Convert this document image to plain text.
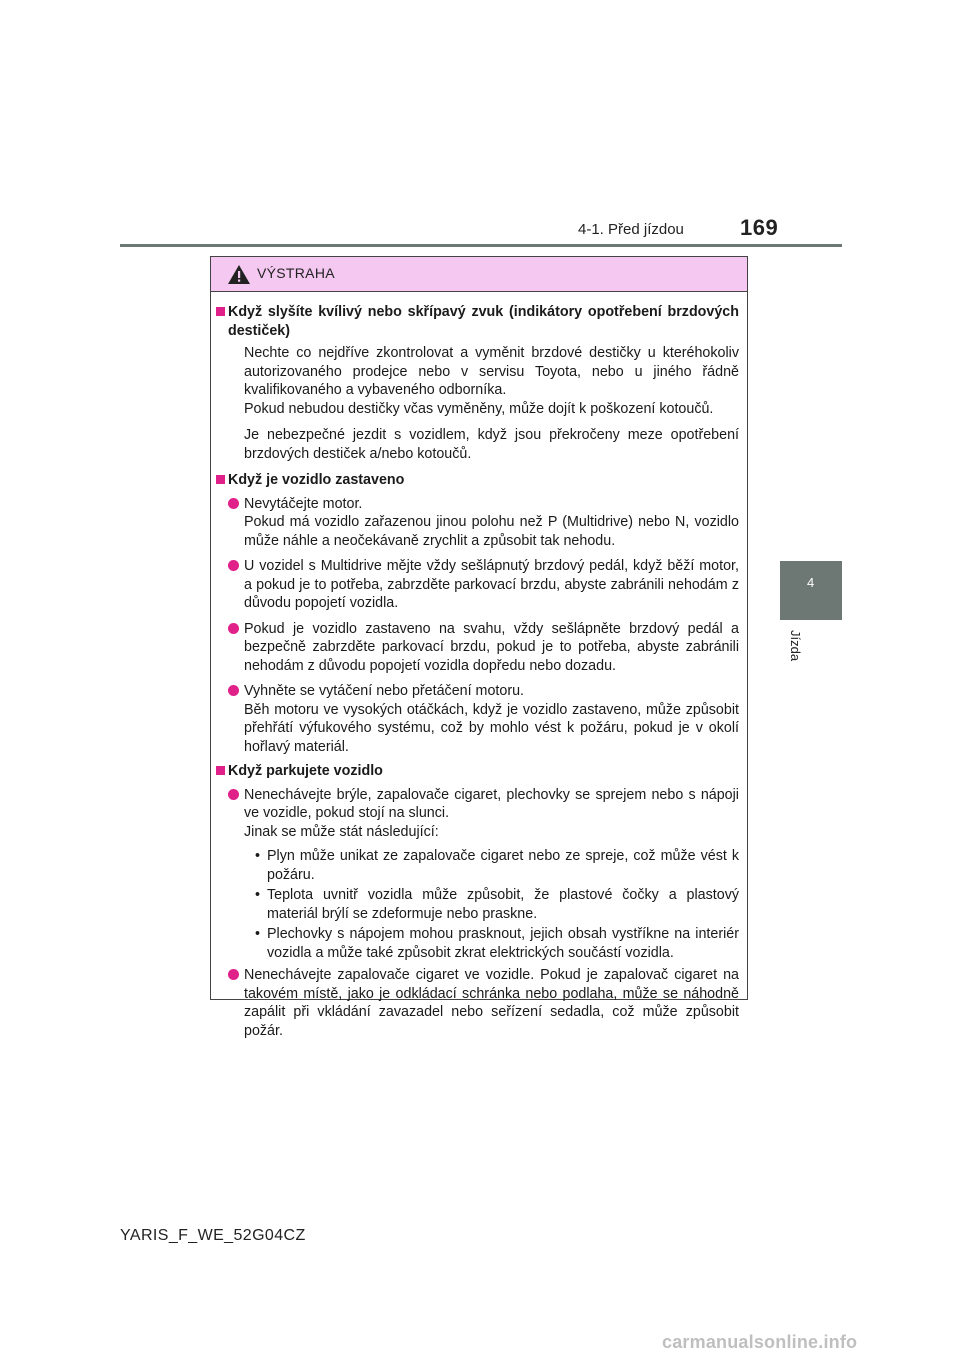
4-1. Před jízdou	169
4
Jízda
VÝSTRAHA
Když slyšíte kvílivý nebo skřípavý zvuk (indikátory opotřebení brzdových destiček)

Nechte co nejdříve zkontrolovat a vyměnit brzdové destičky u kteréhokoliv autorizovaného prodejce nebo v servisu Toyota, nebo u jiného řádně kvalifikovaného a vybaveného odborníka.

Pokud nebudou destičky včas vyměněny, může dojít k poškození kotoučů.

Je nebezpečné jezdit s vozidlem, když jsou překročeny meze opotřebení brzdových destiček a/nebo kotoučů.

Když je vozidlo zastaveno

Nevytáčejte motor.

Pokud má vozidlo zařazenou jinou polohu než P (Multidrive) nebo N, vozidlo může náhle a neočekávaně zrychlit a způsobit tak nehodu.

U vozidel s Multidrive mějte vždy sešlápnutý brzdový pedál, když běží motor, a pokud je to potřeba, zabrzděte parkovací brzdu, abyste zabránili nehodám z důvodu popojetí vozidla.

Pokud je vozidlo zastaveno na svahu, vždy sešlápněte brzdový pedál a bezpečně zabrzděte parkovací brzdu, pokud je to potřeba, abyste zabránili nehodám z důvodu popojetí vozidla dopředu nebo dozadu.

Vyhněte se vytáčení nebo přetáčení motoru.

Běh motoru ve vysokých otáčkách, když je vozidlo zastaveno, může způsobit přehřátí výfukového systému, což by mohlo vést k požáru, pokud je v okolí hořlavý materiál.

Když parkujete vozidlo

Nenechávejte brýle, zapalovače cigaret, plechovky se sprejem nebo s nápoji ve vozidle, pokud stojí na slunci.

Jinak se může stát následující:

• Plyn může unikat ze zapalovače cigaret nebo ze spreje, což může vést k požáru.
• Teplota uvnitř vozidla může způsobit, že plastové čočky a plastový materiál brýlí se zdeformuje nebo praskne.
• Plechovky s nápojem mohou prasknout, jejich obsah vystříkne na interiér vozidla a může také způsobit zkrat elektrických součástí vozidla.

Nenechávejte zapalovače cigaret ve vozidle. Pokud je zapalovač cigaret na takovém místě, jako je odkládací schránka nebo podlaha, může se náhodně zapálit při vkládání zavazadel nebo seřízení sedadla, což může způsobit požár.

YARIS_F_WE_52G04CZ
carmanualsonline.info
